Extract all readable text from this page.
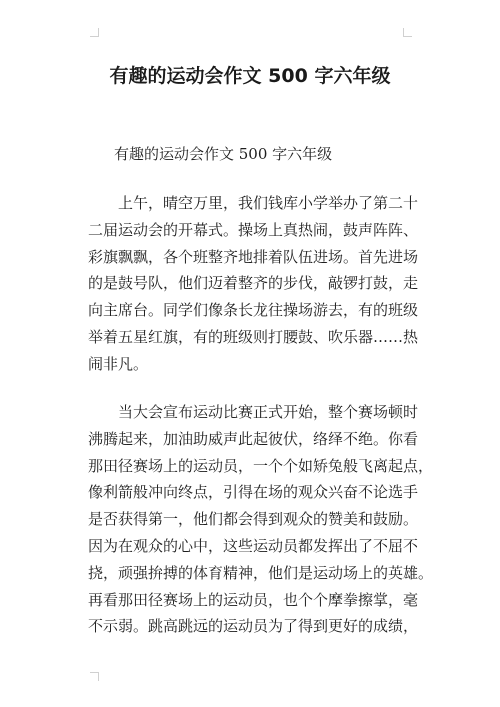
有趣的运动会作文 500 字六年级

有趣的运动会作文 500 字六年级

上午，晴空万里，我们钱库小学举办了第二十
二届运动会的开幕式。操场上真热闹，鼓声阵阵、
彩旗飘飘，各个班整齐地排着队伍进场。首先进场
的是鼓号队，他们迈着整齐的步伐，敲锣打鼓，走
向主席台。同学们像条长龙往操场游去，有的班级
举着五星红旗，有的班级则打腰鼓、吹乐器……热
闹非凡。
当大会宣布运动比赛正式开始，整个赛场顿时
沸腾起来，加油助威声此起彼伏，络绎不绝。你看
那田径赛场上的运动员，一个个如矫兔般飞离起点，
像利箭般冲向终点，引得在场的观众兴奋不论选手
是否获得第一，他们都会得到观众的赞美和鼓励。
因为在观众的心中，这些运动员都发挥出了不屈不
挠，顽强拚搏的体育精神，他们是运动场上的英雄。
再看那田径赛场上的运动员，也个个摩拳擦掌，毫
不示弱。跳高跳远的运动员为了得到更好的成绩，
